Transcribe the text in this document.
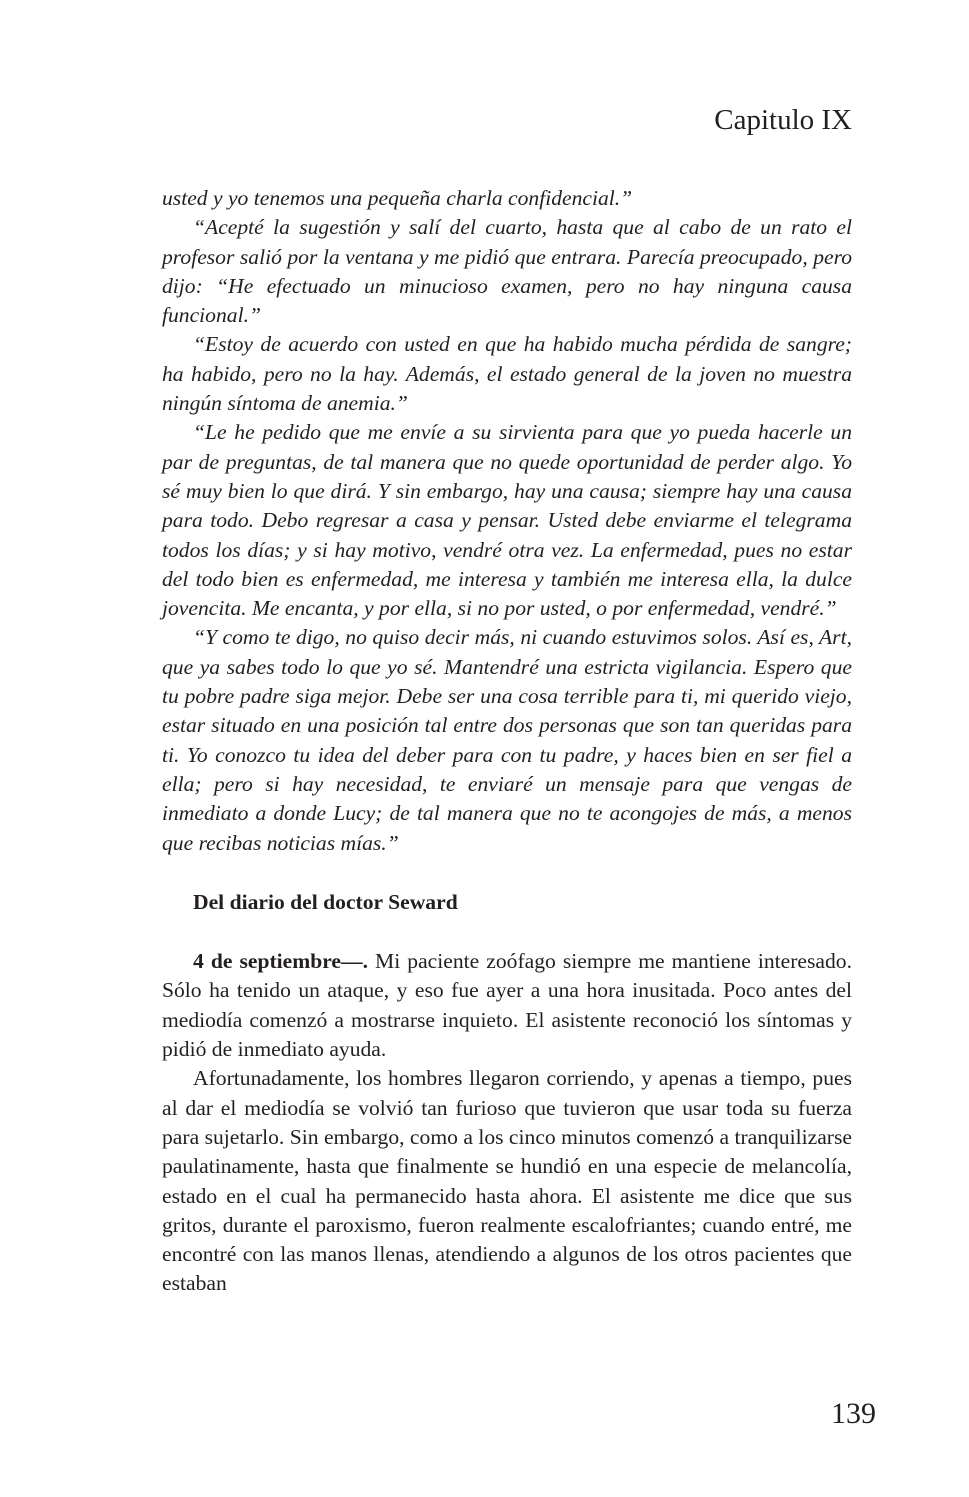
Capitulo IX

usted y yo tenemos una pequeña charla confidencial.”

“Acepté la sugestión y salí del cuarto, hasta que al cabo de un rato el profesor salió por la ventana y me pidió que entrara. Parecía preocupado, pero dijo: “He efectuado un minucioso examen, pero no hay ninguna causa funcional.”

“Estoy de acuerdo con usted en que ha habido mucha pérdida de sangre; ha habido, pero no la hay. Además, el estado general de la joven no muestra ningún síntoma de anemia.”

“Le he pedido que me envíe a su sirvienta para que yo pueda hacerle un par de preguntas, de tal manera que no quede oportunidad de perder algo. Yo sé muy bien lo que dirá. Y sin embargo, hay una causa; siempre hay una causa para todo. Debo regresar a casa y pensar. Usted debe enviarme el telegrama todos los días; y si hay motivo, vendré otra vez. La enfermedad, pues no estar del todo bien es enfermedad, me interesa y también me interesa ella, la dulce jovencita. Me encanta, y por ella, si no por usted, o por enfermedad, vendré.”

“Y como te digo, no quiso decir más, ni cuando estuvimos solos. Así es, Art, que ya sabes todo lo que yo sé. Mantendré una estricta vigilancia. Espero que tu pobre padre siga mejor. Debe ser una cosa terrible para ti, mi querido viejo, estar situado en una posición tal entre dos personas que son tan queridas para ti. Yo conozco tu idea del deber para con tu padre, y haces bien en ser fiel a ella; pero si hay necesidad, te enviaré un mensaje para que vengas de inmediato a donde Lucy; de tal manera que no te acongojes de más, a menos que recibas noticias mías.”

Del diario del doctor Seward

4 de septiembre—. Mi paciente zoófago siempre me mantiene interesado. Sólo ha tenido un ataque, y eso fue ayer a una hora inusitada. Poco antes del mediodía comenzó a mostrarse inquieto. El asistente reconoció los síntomas y pidió de inmediato ayuda.

Afortunadamente, los hombres llegaron corriendo, y apenas a tiempo, pues al dar el mediodía se volvió tan furioso que tuvieron que usar toda su fuerza para sujetarlo. Sin embargo, como a los cinco minutos comenzó a tranquilizarse paulatinamente, hasta que finalmente se hundió en una especie de melancolía, estado en el cual ha permanecido hasta ahora. El asistente me dice que sus gritos, durante el paroxismo, fueron realmente escalofriantes; cuando entré, me encontré con las manos llenas, atendiendo a algunos de los otros pacientes que estaban

139
